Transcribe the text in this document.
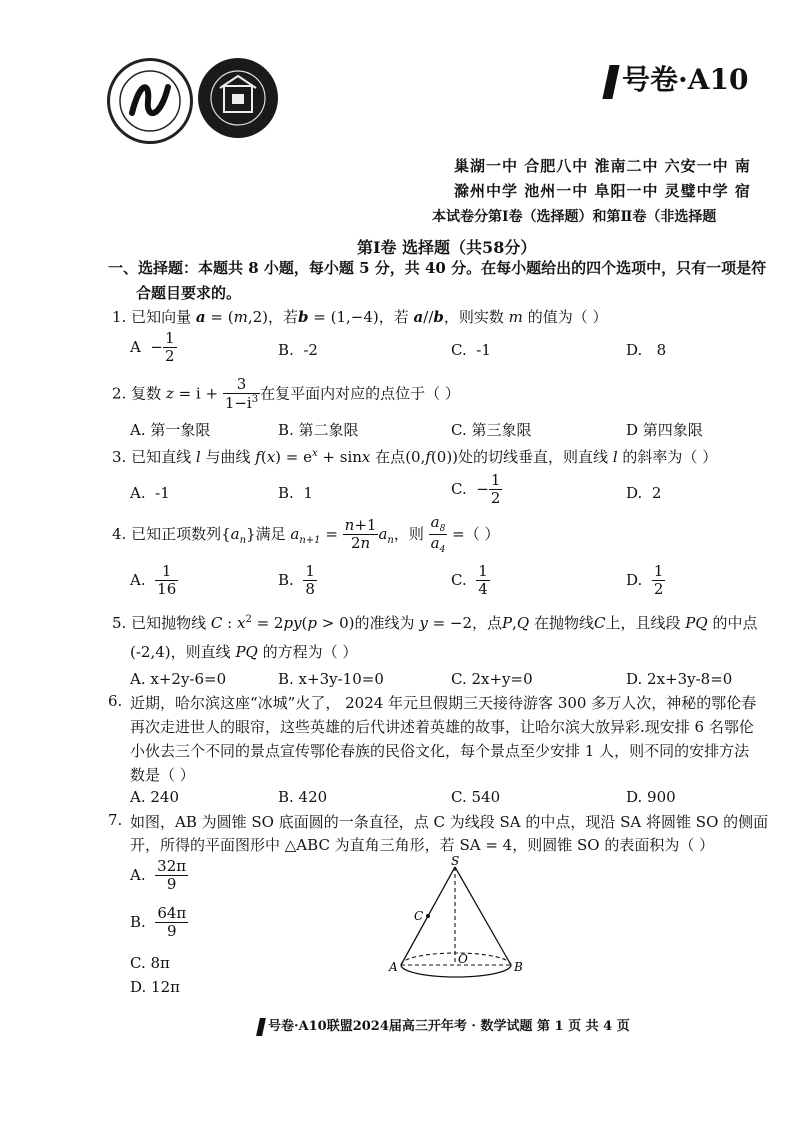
号卷·A10
巢湖一中 合肥八中 淮南二中 六安一中 南
滁州中学 池州一中 阜阳一中 灵璧中学 宿
本试卷分第Ⅰ卷（选择题）和第Ⅱ卷（非选择题
第Ⅰ卷 选择题（共58分）
一、选择题：本题共 8 小题，每小题 5 分，共 40 分。在每小题给出的四个选项中，只有一项是符
合题目要求的。
1. 已知向量 a = (m,2)，若b = (1,−4)，若 a//b，则实数 m 的值为（ ）
$A - \frac{1}{2}$	B. -2	C. -1	D. 8
2. 复数 $z = i + \frac{3}{1-i^3}$ 在复平面内对应的点位于（ ）
A. 第一象限	B. 第二象限	C. 第三象限	D 第四象限
3. 已知直线 l 与曲线 $f(x) = e^x + \sin x$ 在点(0,f(0))处的切线垂直，则直线 l 的斜率为（ ）
A. -1	B. 1	C.  − $\frac{1}{2}$	D. 2
4. 已知正项数列$\{a_n\}$满足 $a_{n+1} = \frac{n+1}{2n} a_n$，则 $\frac{a_8}{a_4}$ =（ ）
A. $\frac{1}{16}$	B. $\frac{1}{8}$	C. $\frac{1}{4}$	D. $\frac{1}{2}$
5. 已知抛物线 C : $x^2 = 2py(p > 0)$的准线为 y = −2，点P,Q 在抛物线C上，且线段 PQ 的中点
(-2,4)，则直线 PQ 的方程为（ ）
A. x+2y-6=0	B. x+3y-10=0	C. 2x+y=0	D. 2x+3y-8=0
6. 近期，哈尔滨这座“冰城”火了， 2024 年元旦假期三天接待游客 300 多万人次，神秘的鄂伦春
再次走进世人的眼帘，这些英雄的后代讲述着英雄的故事，让哈尔滨大放异彩.现安排 6 名鄂伦
小伙去三个不同的景点宣传鄂伦春族的民俗文化，每个景点至少安排 1 人，则不同的安排方法
数是（ ）
A. 240	B. 420	C. 540	D. 900
7. 如图，AB 为圆锥 SO 底面圆的一条直径，点 C 为线段 SA 的中点，现沿 SA 将圆锥 SO 的侧面
开，所得的平面图形中 △ABC 为直角三角形，若 SA = 4，则圆锥 SO 的表面积为（ ）
A. $\frac{32\pi}{9}$
B. $\frac{64\pi}{9}$
C. 8π
D. 12π
S
C
O
A	B
号卷·A10联盟2024届高三开年考 · 数学试题 第 1 页 共 4 页
